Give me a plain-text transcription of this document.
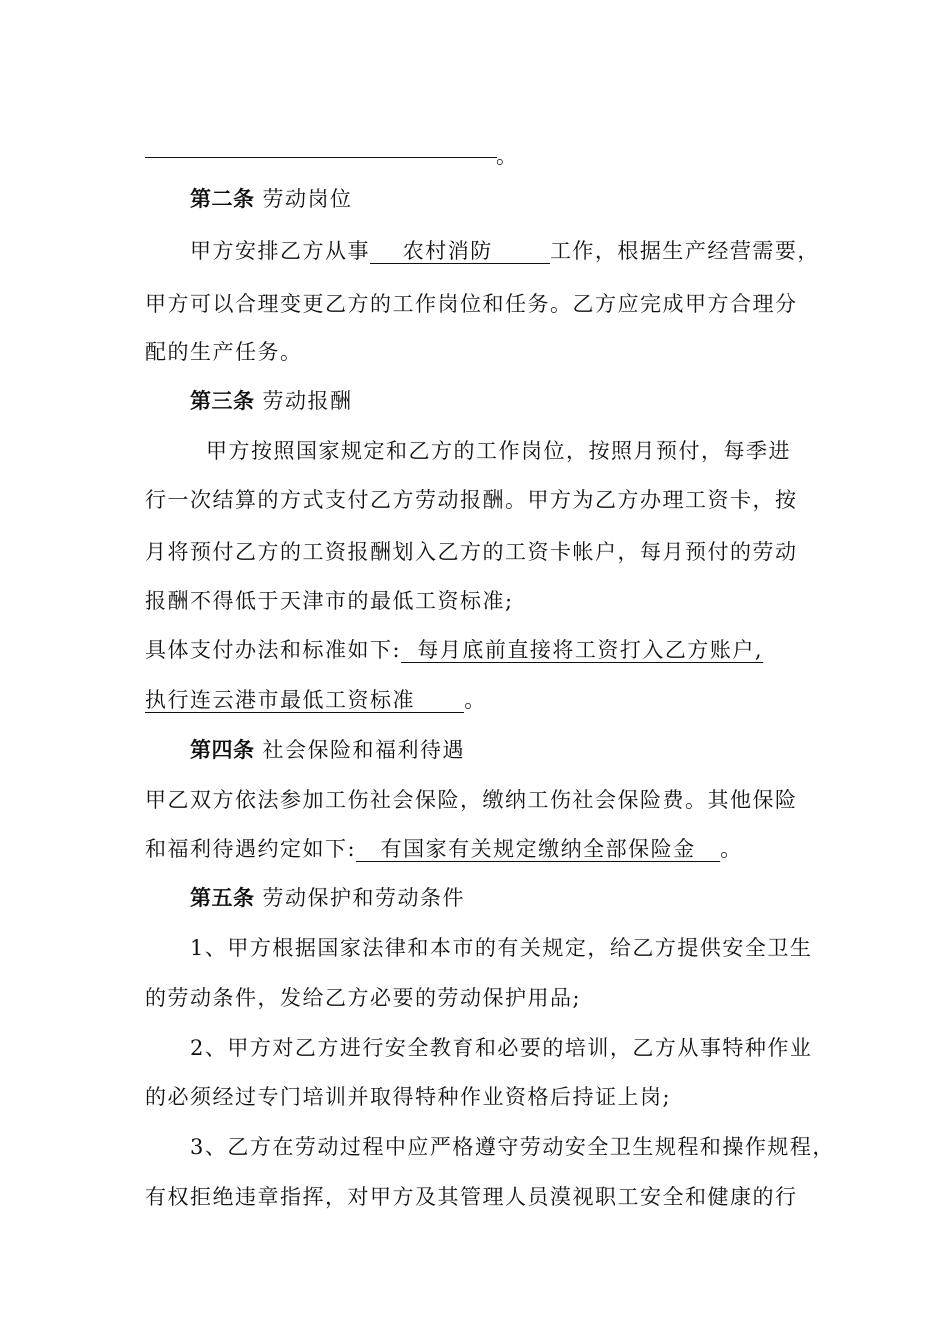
。
第二条 劳动岗位
甲方安排乙方从事    农村消防       工作，根据生产经营需要，
甲方可以合理变更乙方的工作岗位和任务。乙方应完成甲方合理分
配的生产任务。
第三条 劳动报酬
甲方按照国家规定和乙方的工作岗位，按照月预付，每季进
行一次结算的方式支付乙方劳动报酬。甲方为乙方办理工资卡，按
月将预付乙方的工资报酬划入乙方的工资卡帐户，每月预付的劳动
报酬不得低于天津市的最低工资标准;
具体支付办法和标准如下:  每月底前直接将工资打入乙方账户,
执行连云港市最低工资标准      。
第四条 社会保险和福利待遇
甲乙双方依法参加工伤社会保险，缴纳工伤社会保险费。其他保险
和福利待遇约定如下:   有国家有关规定缴纳全部保险金   。
第五条 劳动保护和劳动条件
1、甲方根据国家法律和本市的有关规定，给乙方提供安全卫生
的劳动条件，发给乙方必要的劳动保护用品;
2、甲方对乙方进行安全教育和必要的培训，乙方从事特种作业
的必须经过专门培训并取得特种作业资格后持证上岗;
3、乙方在劳动过程中应严格遵守劳动安全卫生规程和操作规程，
有权拒绝违章指挥，对甲方及其管理人员漠视职工安全和健康的行
